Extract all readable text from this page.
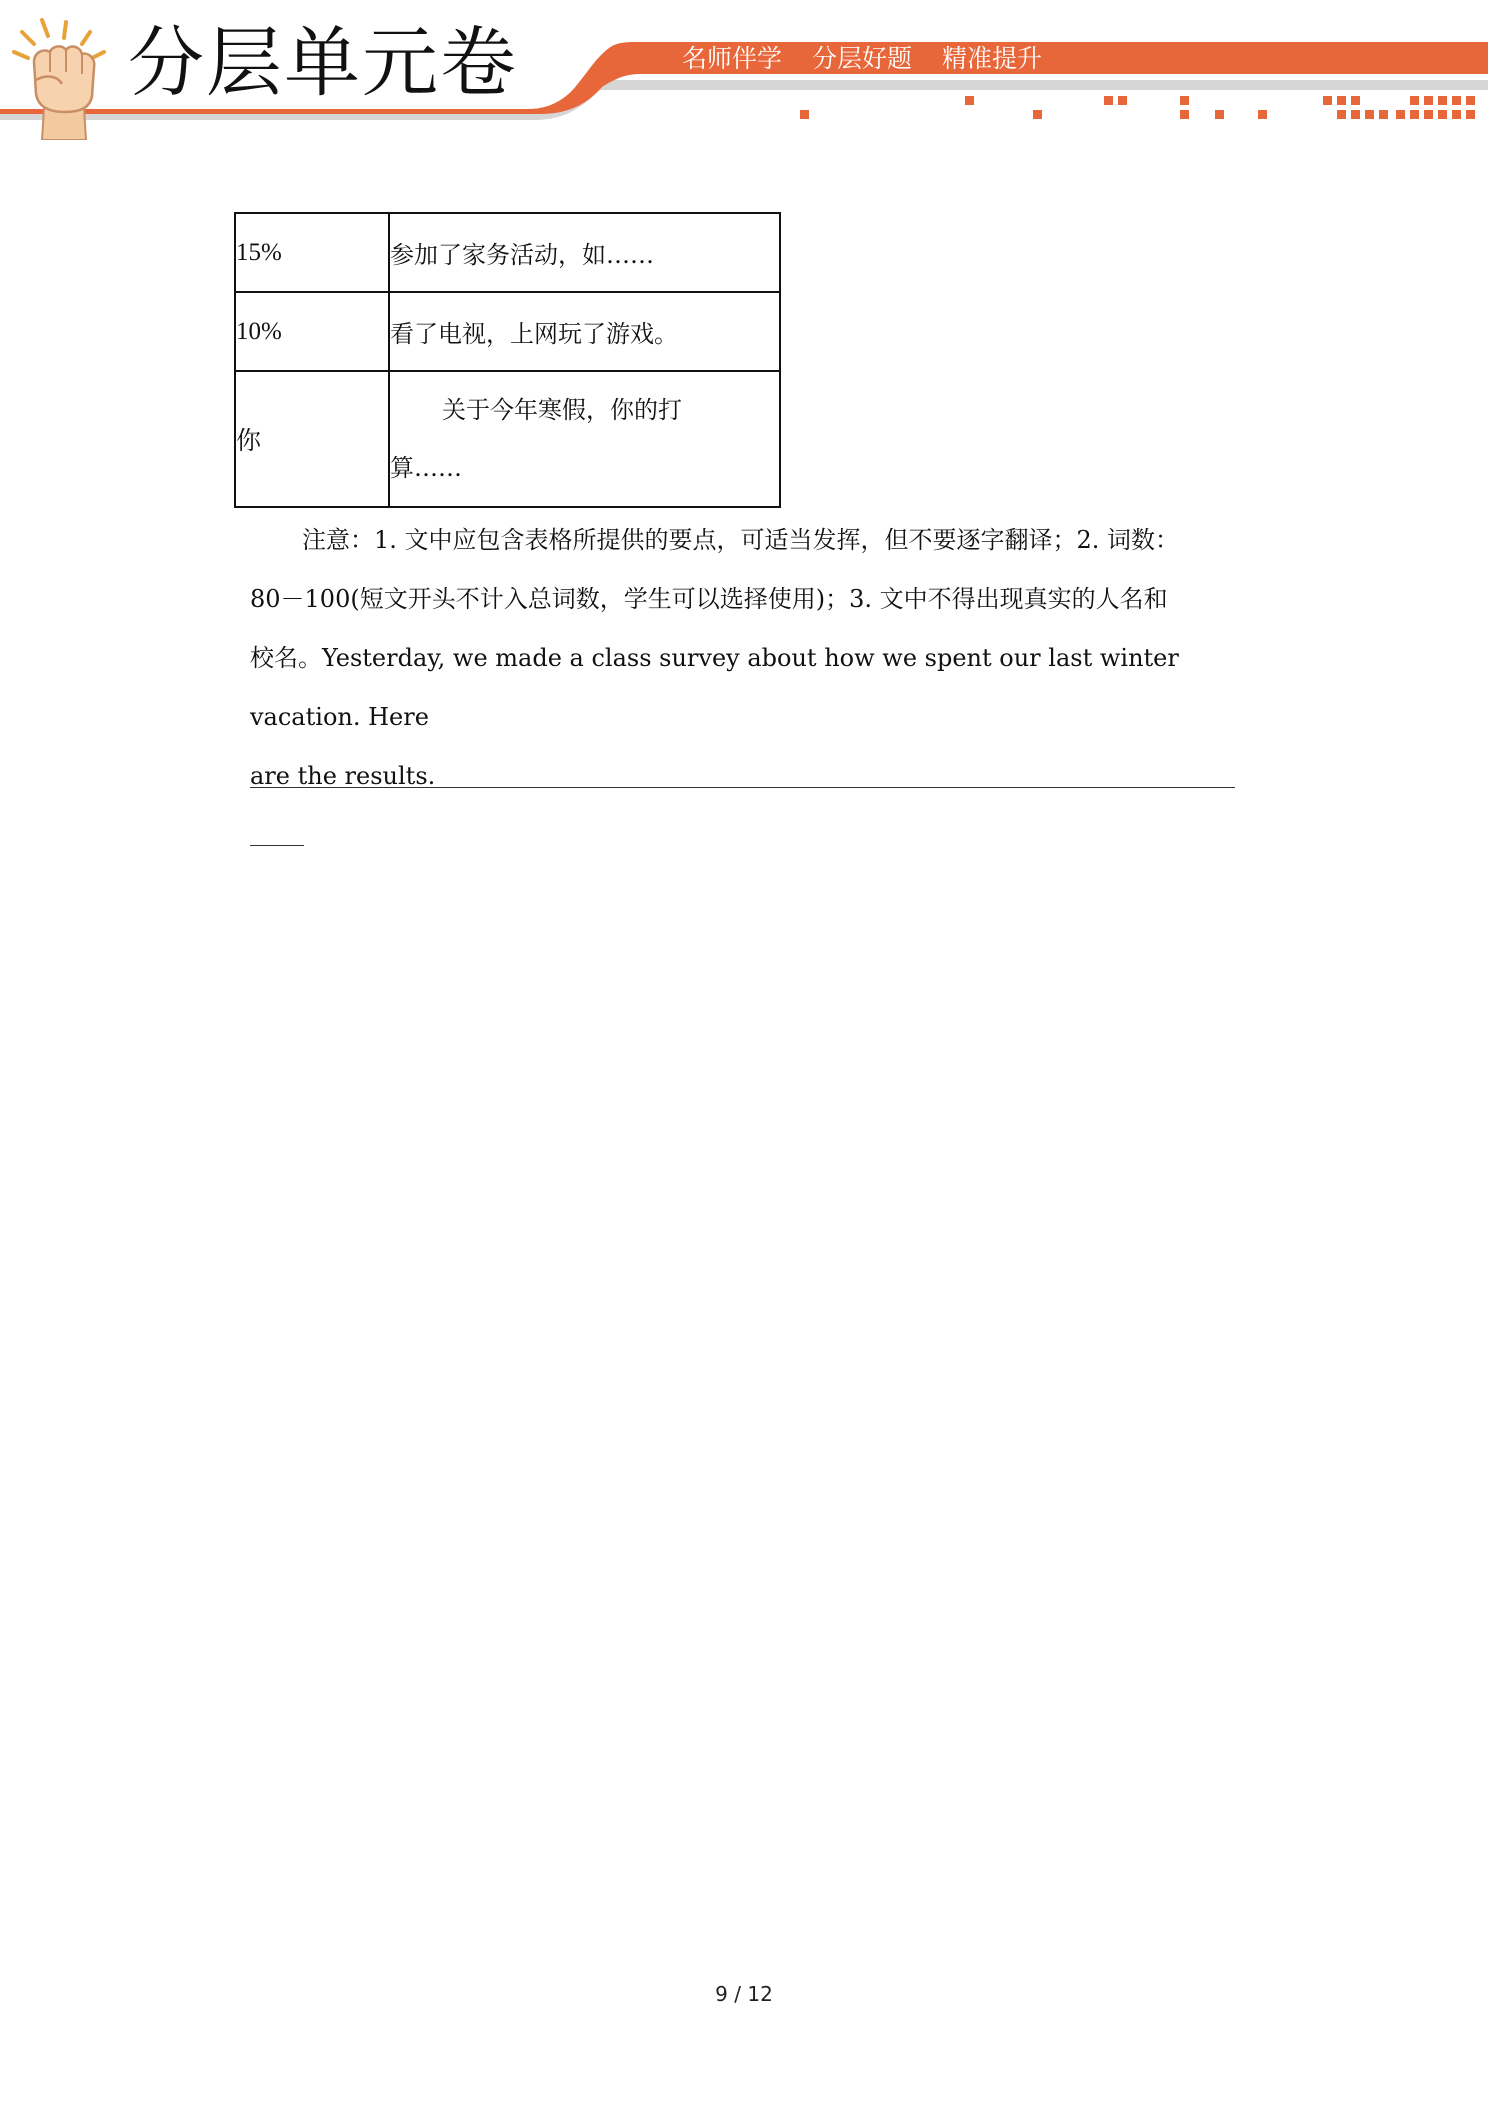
分层单元卷	名师伴学 分层好题 精准提升
15%	参加了家务活动，如……
10%	看了电视，上网玩了游戏。
你	关于今年寒假，你的打
算……

注意：1. 文中应包含表格所提供的要点，可适当发挥，但不要逐字翻译；2. 词数：

80－100(短文开头不计入总词数，学生可以选择使用)；3. 文中不得出现真实的人名和
校名。Yesterday, we made a class survey about how we spent our last winter vacation. Here
are the results.
9 / 12
